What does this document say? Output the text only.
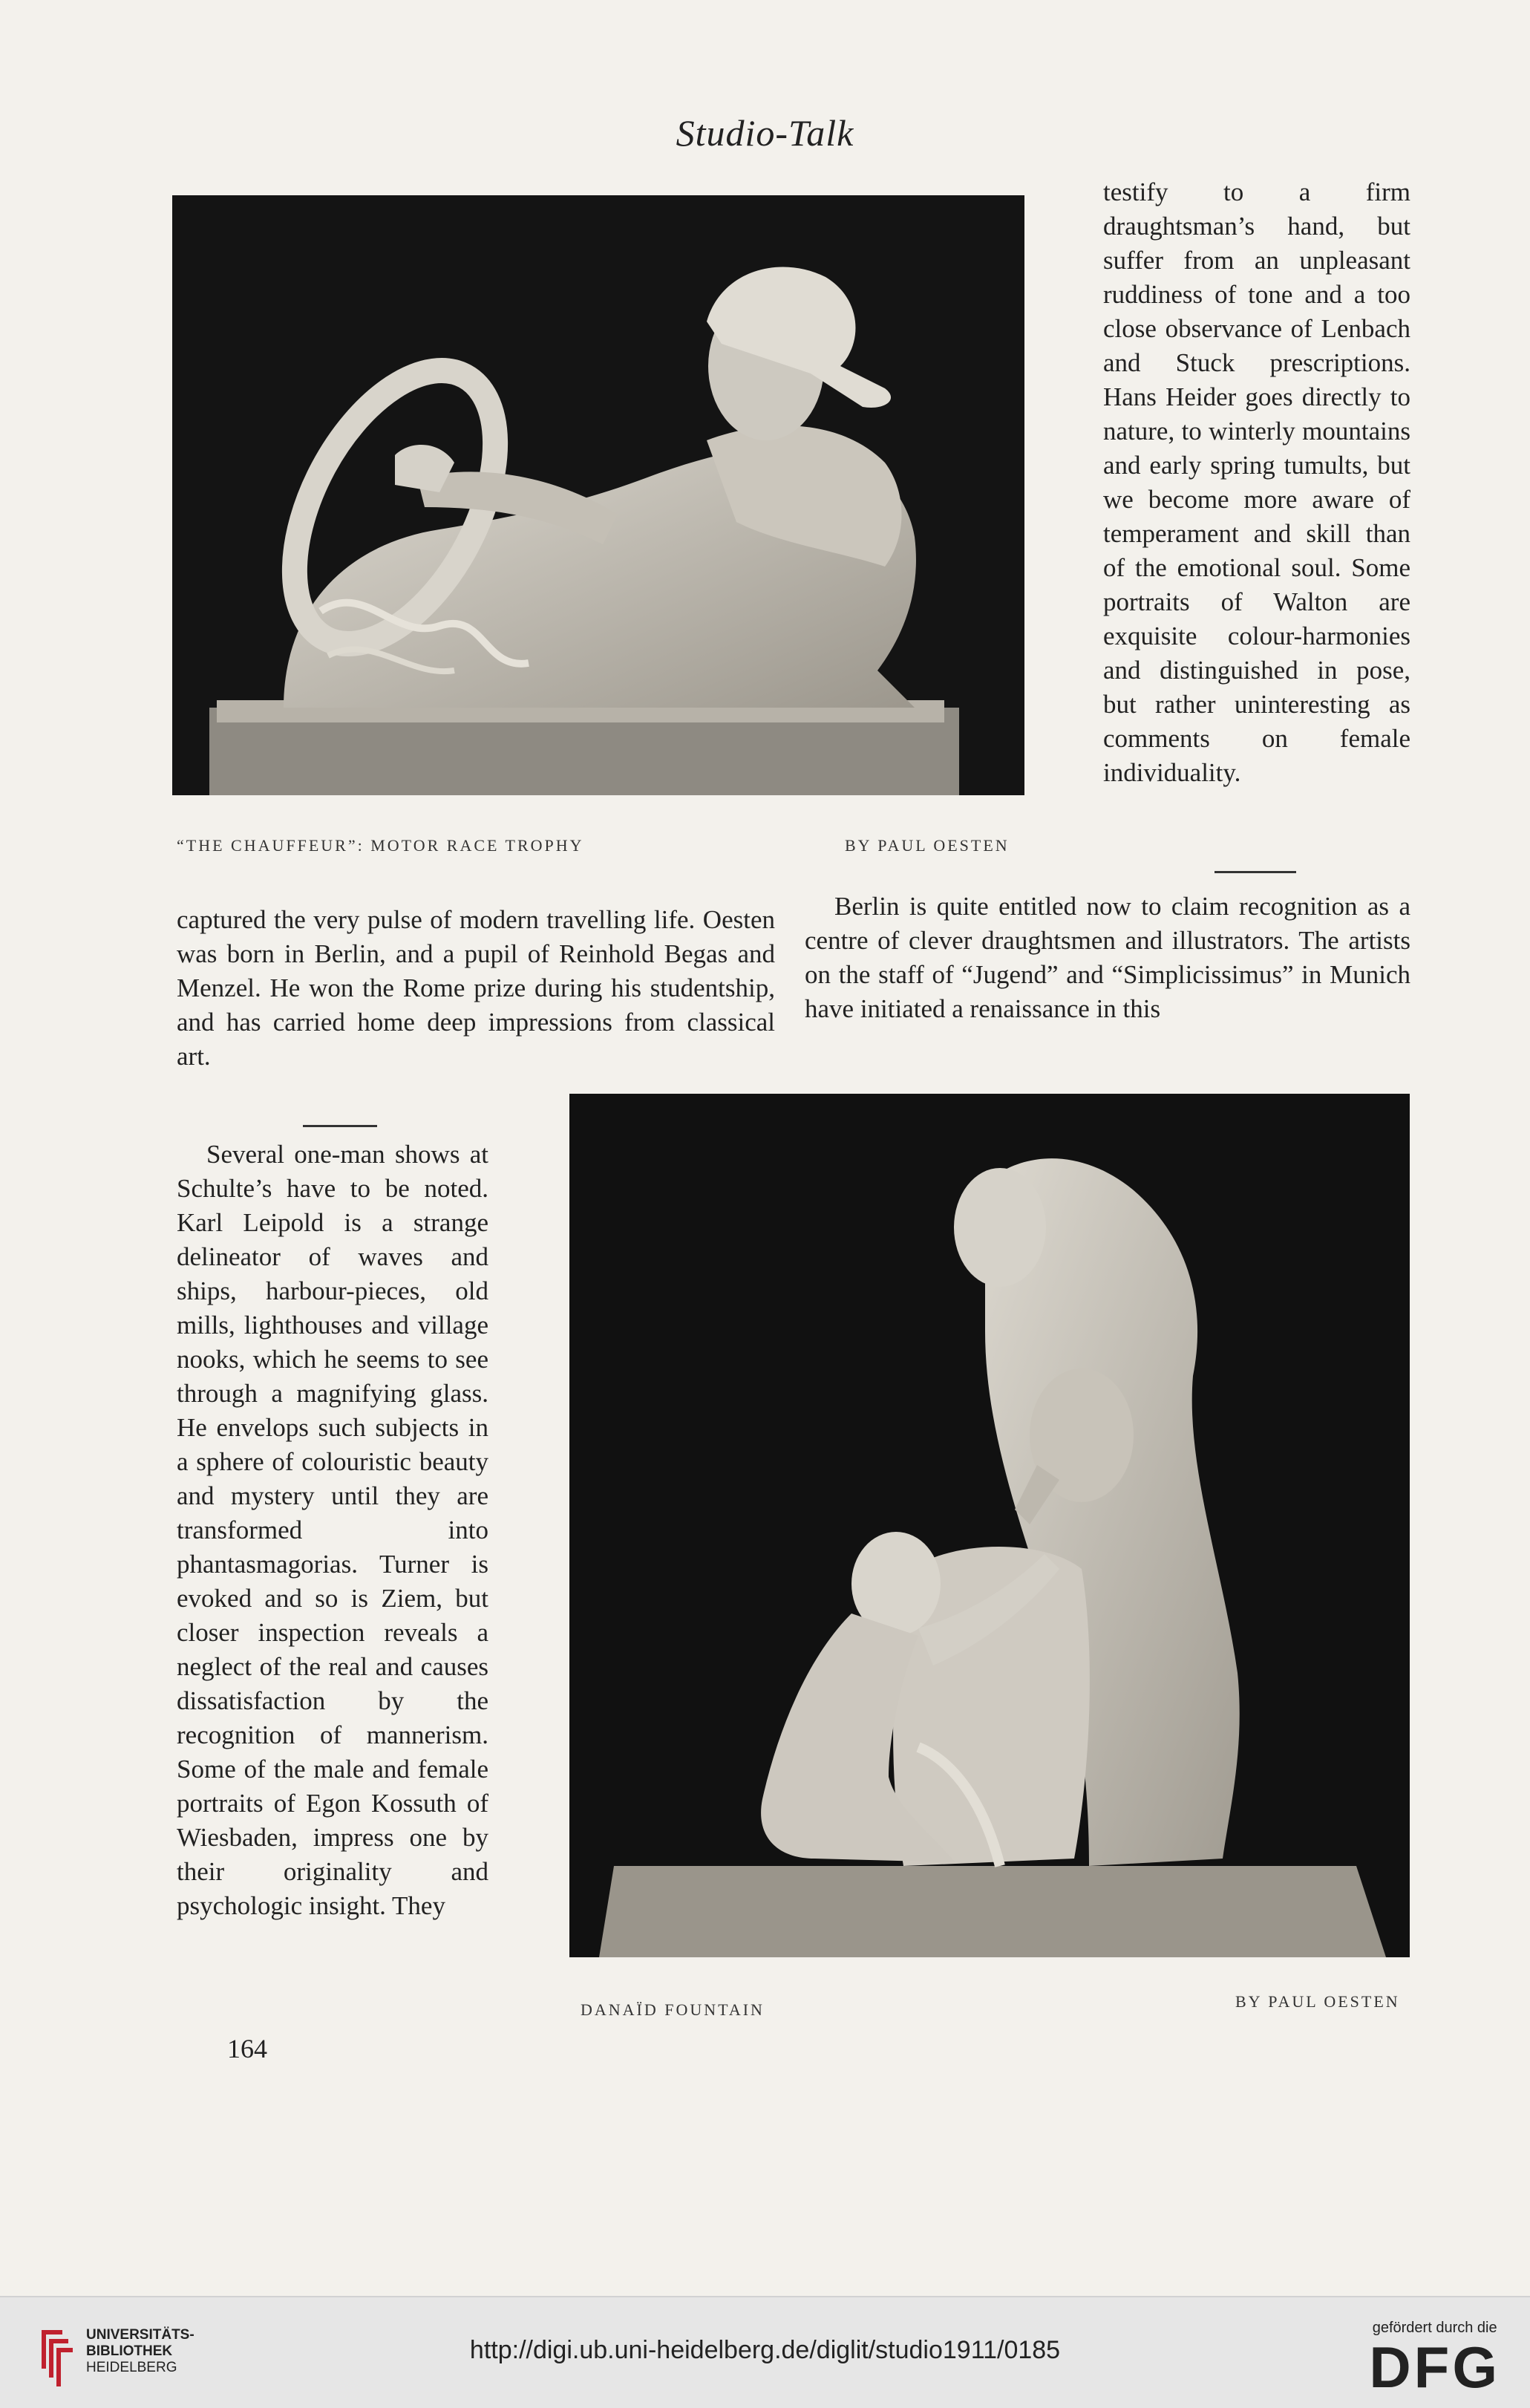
Studio-Talk
“THE CHAUFFEUR”: MOTOR RACE TROPHY	BY PAUL OESTEN

testify to a firm draughtsman’s hand, but suffer from an unpleasant ruddiness of tone and a too close observance of Lenbach and Stuck prescriptions. Hans Heider goes directly to nature, to winterly mountains and early spring tumults, but we become more aware of temperament and skill than of the emotional soul. Some portraits of Walton are exquisite colour-harmonies and distinguished in pose, but rather uninteresting as comments on female individuality.

captured the very pulse of modern travelling life. Oesten was born in Berlin, and a pupil of Reinhold Begas and Menzel. He won the Rome prize during his studentship, and has carried home deep impressions from classical art.

Berlin is quite entitled now to claim recognition as a centre of clever draughtsmen and illustrators. The artists on the staff of “Jugend” and “Simplicissimus” in Munich have initiated a renaissance in this

Several one-man shows at Schulte’s have to be noted. Karl Leipold is a strange delineator of waves and ships, harbour-pieces, old mills, lighthouses and village nooks, which he seems to see through a magnifying glass. He envelops such subjects in a sphere of colouristic beauty and mystery until they are transformed into phantasmagorias. Turner is evoked and so is Ziem, but closer inspection reveals a neglect of the real and causes dissatisfaction by the recognition of mannerism. Some of the male and female portraits of Egon Kossuth of Wiesbaden, impress one by their originality and psychologic insight. They

DANAÏD FOUNTAIN	BY PAUL OESTEN
164
UNIVERSITÄTS-
BIBLIOTHEK
HEIDELBERG
http://digi.ub.uni-heidelberg.de/diglit/studio1911/0185
gefördert durch die
DFG
